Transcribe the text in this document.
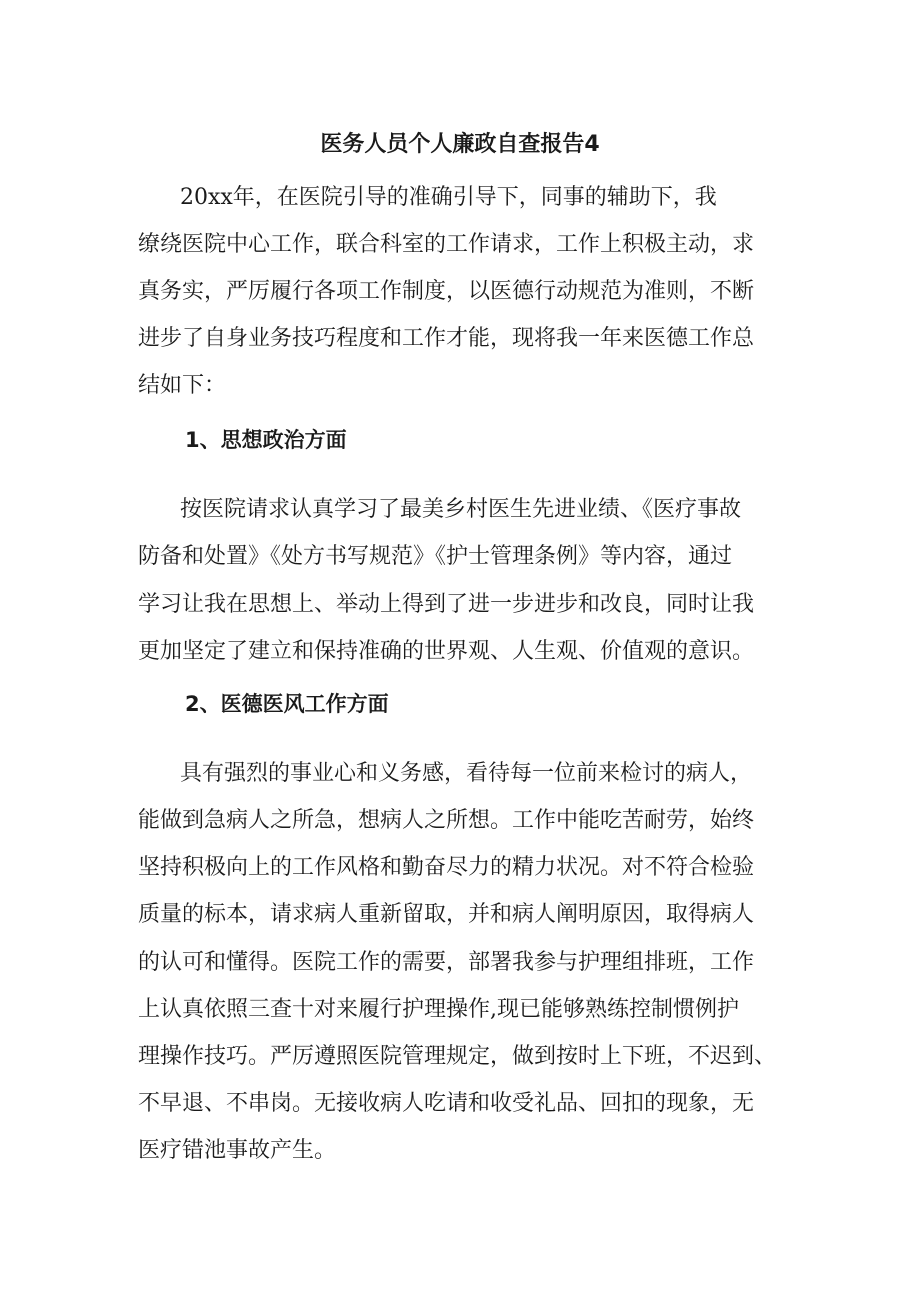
医务人员个人廉政自查报告4
20xx年，在医院引导的准确引导下，同事的辅助下，我
缭绕医院中心工作，联合科室的工作请求，工作上积极主动，求
真务实，严厉履行各项工作制度，以医德行动规范为准则，不断
进步了自身业务技巧程度和工作才能，现将我一年来医德工作总
结如下：
1、思想政治方面
按医院请求认真学习了最美乡村医生先进业绩、《医疗事故
防备和处置》《处方书写规范》《护士管理条例》等内容，通过
学习让我在思想上、举动上得到了进一步进步和改良，同时让我
更加坚定了建立和保持准确的世界观、人生观、价值观的意识。
2、医德医风工作方面
具有强烈的事业心和义务感，看待每一位前来检讨的病人，
能做到急病人之所急，想病人之所想。工作中能吃苦耐劳，始终
坚持积极向上的工作风格和勤奋尽力的精力状况。对不符合检验
质量的标本，请求病人重新留取，并和病人阐明原因，取得病人
的认可和懂得。医院工作的需要，部署我参与护理组排班，工作
上认真依照三查十对来履行护理操作,现已能够熟练控制惯例护
理操作技巧。严厉遵照医院管理规定，做到按时上下班，不迟到、
不早退、不串岗。无接收病人吃请和收受礼品、回扣的现象，无
医疗错池事故产生。
